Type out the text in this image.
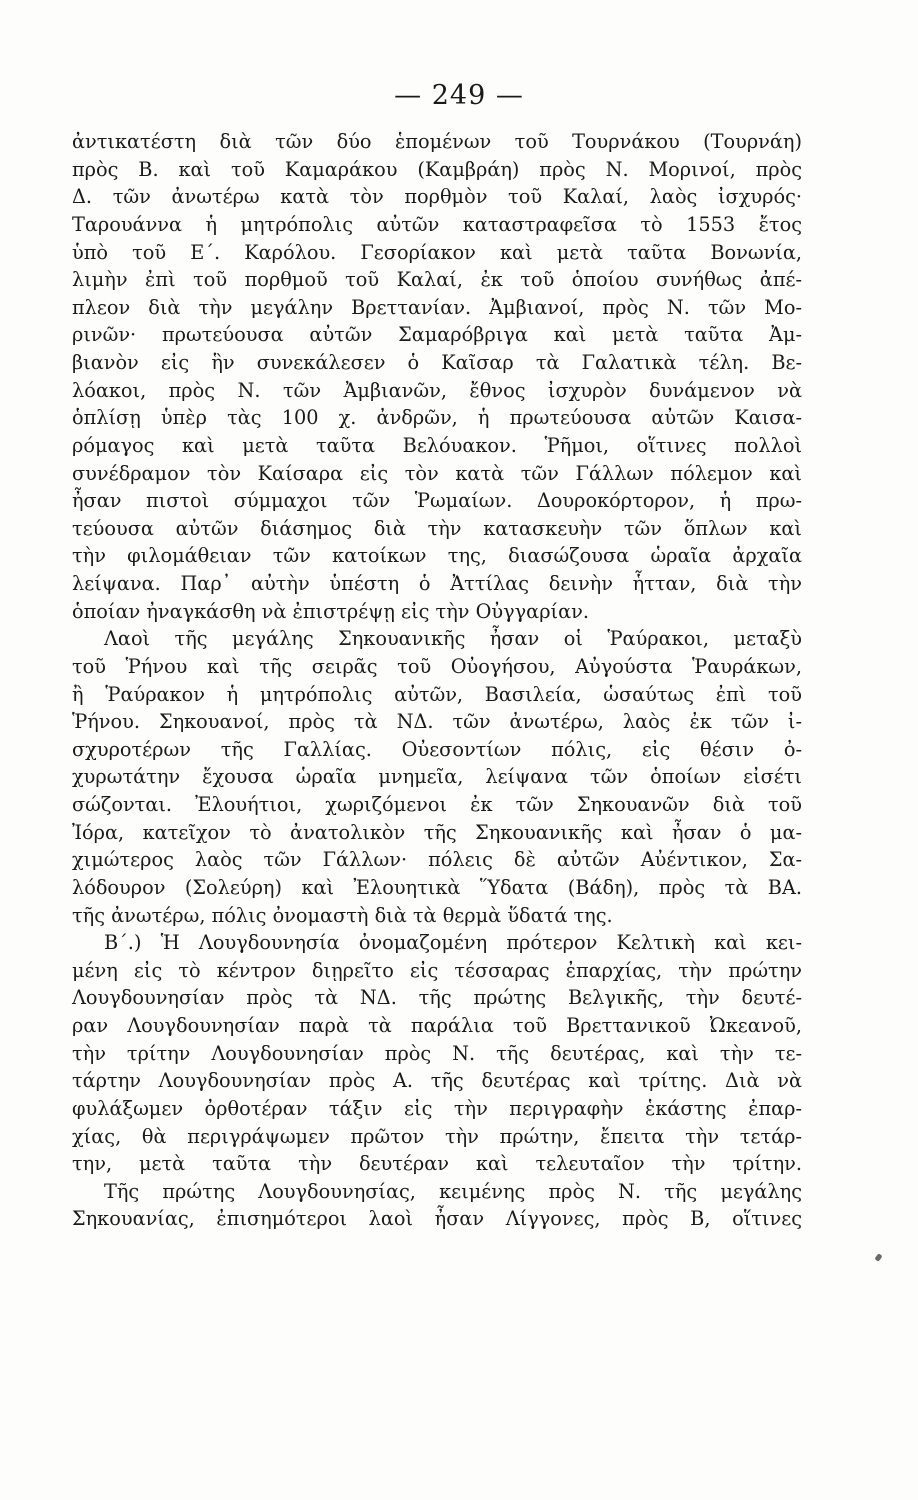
— 249 —
ἀντικατέστη διὰ τῶν δύο ἑπομένων τοῦ Τουρνάκου (Τουρνάη)
πρὸς Β. καὶ τοῦ Καμαράκου (Καμβράη) πρὸς Ν. Μορινοί, πρὸς
Δ. τῶν ἀνωτέρω κατὰ τὸν πορθμὸν τοῦ Καλαί, λαὸς ἰσχυρός·
Ταρουάννα ἡ μητρόπολις αὐτῶν καταστραφεῖσα τὸ 1553 ἔτος
ὑπὸ τοῦ Ε΄. Καρόλου. Γεσορίακον καὶ μετὰ ταῦτα Βονωνία,
λιμὴν ἐπὶ τοῦ πορθμοῦ τοῦ Καλαί, ἐκ τοῦ ὁποίου συνήθως ἀπέ-
πλεον διὰ τὴν μεγάλην Βρεττανίαν. Ἀμβιανοί, πρὸς Ν. τῶν Μο-
ρινῶν· πρωτεύουσα αὐτῶν Σαμαρόβριγα καὶ μετὰ ταῦτα Ἀμ-
βιανὸν εἰς ἣν συνεκάλεσεν ὁ Καῖσαρ τὰ Γαλατικὰ τέλη. Βε-
λόακοι, πρὸς Ν. τῶν Ἀμβιανῶν, ἔθνος ἰσχυρὸν δυνάμενον νὰ
ὁπλίσῃ ὑπὲρ τὰς 100 χ. ἀνδρῶν, ἡ πρωτεύουσα αὐτῶν Καισα-
ρόμαγος καὶ μετὰ ταῦτα Βελόυακον. Ῥῆμοι, οἵτινες πολλοὶ
συνέδραμον τὸν Καίσαρα εἰς τὸν κατὰ τῶν Γάλλων πόλεμον καὶ
ἦσαν πιστοὶ σύμμαχοι τῶν Ῥωμαίων. Δουροκόρτορον, ἡ πρω-
τεύουσα αὐτῶν διάσημος διὰ τὴν κατασκευὴν τῶν ὅπλων καὶ
τὴν φιλομάθειαν τῶν κατοίκων της, διασώζουσα ὡραῖα ἀρχαῖα
λείψανα. Παρ᾽ αὐτὴν ὑπέστη ὁ Ἀττίλας δεινὴν ἧτταν, διὰ τὴν
ὁποίαν ἠναγκάσθη νὰ ἐπιστρέψῃ εἰς τὴν Οὐγγαρίαν.
Λαοὶ τῆς μεγάλης Σηκουανικῆς ἦσαν οἱ Ῥαύρακοι, μεταξὺ
τοῦ Ῥήνου καὶ τῆς σειρᾶς τοῦ Οὐογήσου, Αὐγούστα Ῥαυράκων,
ἢ Ῥαύρακον ἡ μητρόπολις αὐτῶν, Βασιλεία, ὡσαύτως ἐπὶ τοῦ
Ῥήνου. Σηκουανοί, πρὸς τὰ ΝΔ. τῶν ἀνωτέρω, λαὸς ἐκ τῶν ἰ-
σχυροτέρων τῆς Γαλλίας. Οὐεσοντίων πόλις, εἰς θέσιν ὀ-
χυρωτάτην ἔχουσα ὡραῖα μνημεῖα, λείψανα τῶν ὁποίων εἰσέτι
σώζονται. Ἐλουήτιοι, χωριζόμενοι ἐκ τῶν Σηκουανῶν διὰ τοῦ
Ἰόρα, κατεῖχον τὸ ἀνατολικὸν τῆς Σηκουανικῆς καὶ ἦσαν ὁ μα-
χιμώτερος λαὸς τῶν Γάλλων· πόλεις δὲ αὐτῶν Αὐέντικον, Σα-
λόδουρον (Σολεύρη) καὶ Ἐλουητικὰ Ὕδατα (Βάδη), πρὸς τὰ ΒΑ.
τῆς ἀνωτέρω, πόλις ὀνομαστὴ διὰ τὰ θερμὰ ὕδατά της.
Β΄.) Ἡ Λουγδουνησία ὀνομαζομένη πρότερον Κελτικὴ καὶ κει-
μένη εἰς τὸ κέντρον διῃρεῖτο εἰς τέσσαρας ἐπαρχίας, τὴν πρώτην
Λουγδουνησίαν πρὸς τὰ ΝΔ. τῆς πρώτης Βελγικῆς, τὴν δευτέ-
ραν Λουγδουνησίαν παρὰ τὰ παράλια τοῦ Βρεττανικοῦ Ὠκεανοῦ,
τὴν τρίτην Λουγδουνησίαν πρὸς Ν. τῆς δευτέρας, καὶ τὴν τε-
τάρτην Λουγδουνησίαν πρὸς Α. τῆς δευτέρας καὶ τρίτης. Διὰ νὰ
φυλάξωμεν ὀρθοτέραν τάξιν εἰς τὴν περιγραφὴν ἑκάστης ἐπαρ-
χίας, θὰ περιγράψωμεν πρῶτον τὴν πρώτην, ἔπειτα τὴν τετάρ-
την, μετὰ ταῦτα τὴν δευτέραν καὶ τελευταῖον τὴν τρίτην.
Τῆς πρώτης Λουγδουνησίας, κειμένης πρὸς Ν. τῆς μεγάλης
Σηκουανίας, ἐπισημότεροι λαοὶ ἦσαν Λίγγονες, πρὸς Β, οἵτινες
